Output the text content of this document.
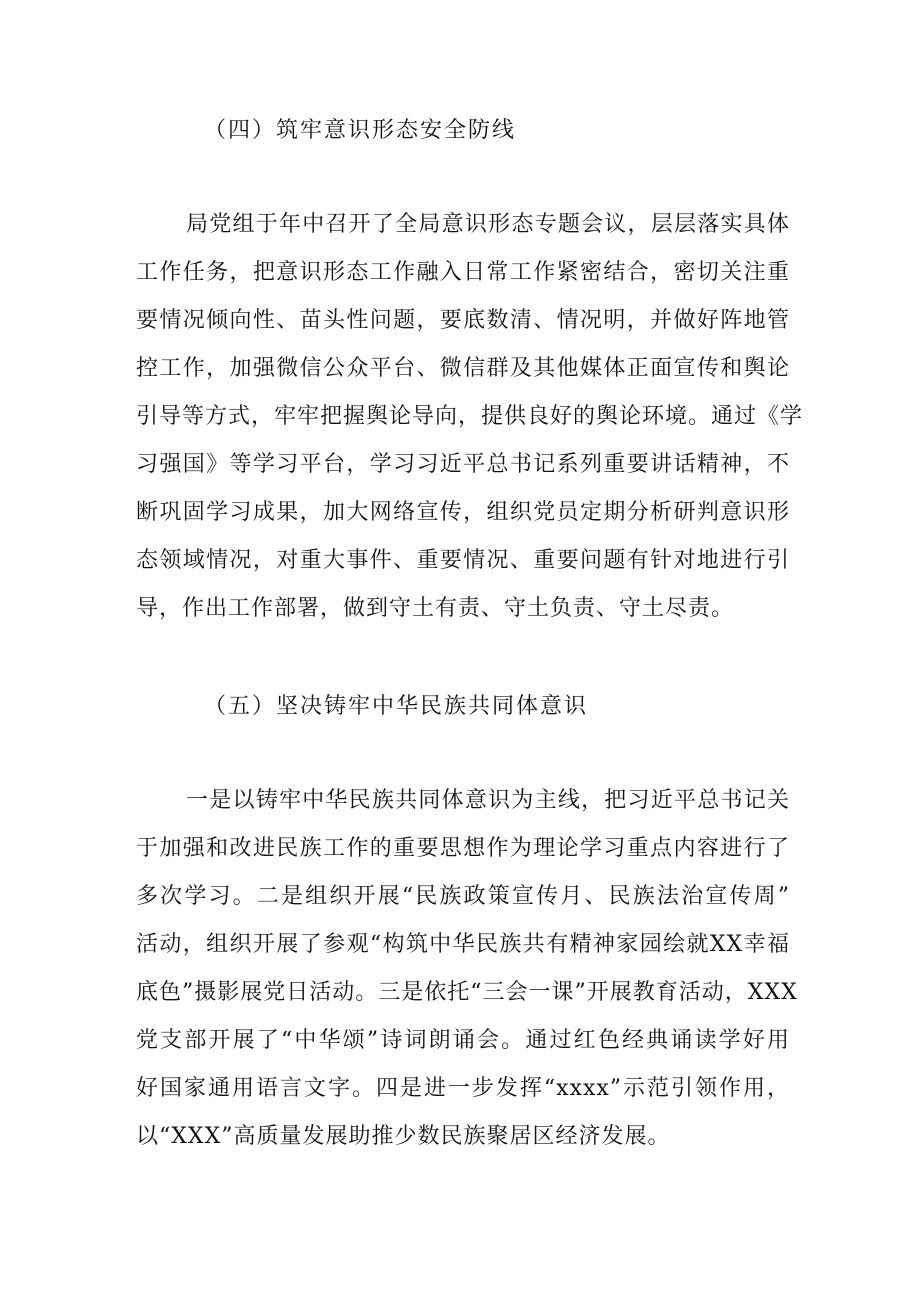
（四）筑牢意识形态安全防线
局党组于年中召开了全局意识形态专题会议，层层落实具体
工作任务，把意识形态工作融入日常工作紧密结合，密切关注重
要情况倾向性、苗头性问题，要底数清、情况明，并做好阵地管
控工作，加强微信公众平台、微信群及其他媒体正面宣传和舆论
引导等方式，牢牢把握舆论导向，提供良好的舆论环境。通过《学
习强国》等学习平台，学习习近平总书记系列重要讲话精神，不
断巩固学习成果，加大网络宣传，组织党员定期分析研判意识形
态领域情况，对重大事件、重要情况、重要问题有针对地进行引
导，作出工作部署，做到守土有责、守土负责、守土尽责。
（五）坚决铸牢中华民族共同体意识
一是以铸牢中华民族共同体意识为主线，把习近平总书记关
于加强和改进民族工作的重要思想作为理论学习重点内容进行了
多次学习。二是组织开展“民族政策宣传月、民族法治宣传周”
活动，组织开展了参观“构筑中华民族共有精神家园绘就XX幸福
底色”摄影展党日活动。三是依托“三会一课”开展教育活动，XXX
党支部开展了“中华颂”诗词朗诵会。通过红色经典诵读学好用
好国家通用语言文字。四是进一步发挥“xxxx”示范引领作用，
以“XXX”高质量发展助推少数民族聚居区经济发展。
